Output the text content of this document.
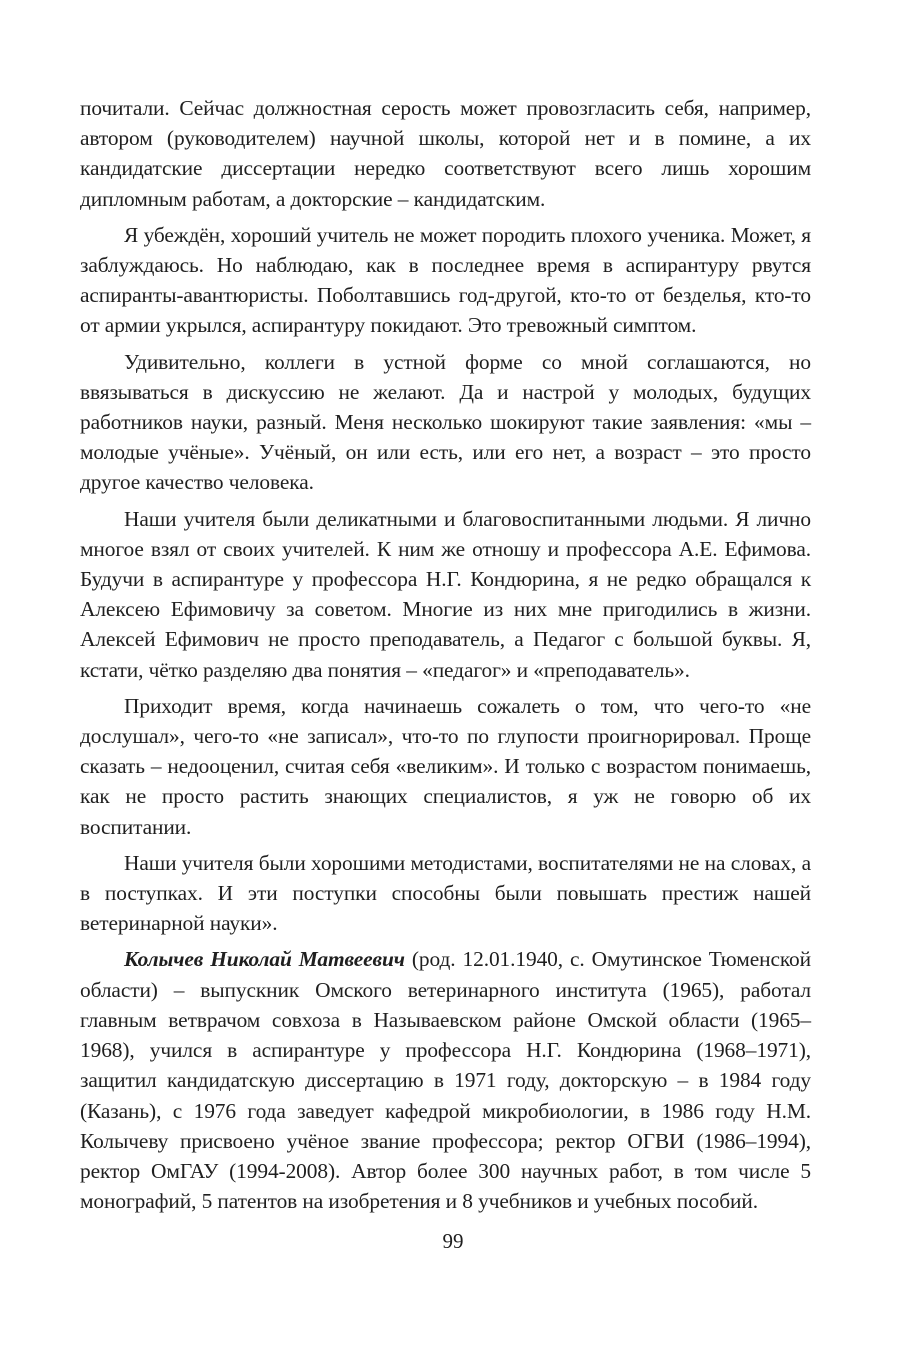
почитали. Сейчас должностная серость может провозгласить себя, например, автором (руководителем) научной школы, которой нет и в помине, а их кандидатские диссертации нередко соответствуют всего лишь хорошим дипломным работам, а докторские – кандидатским.

Я убеждён, хороший учитель не может породить плохого ученика. Может, я заблуждаюсь. Но наблюдаю, как в последнее время в аспирантуру рвутся аспиранты-авантюристы. Поболтавшись год-другой, кто-то от безделья, кто-то от армии укрылся, аспирантуру покидают. Это тревожный симптом.

Удивительно, коллеги в устной форме со мной соглашаются, но ввязываться в дискуссию не желают. Да и настрой у молодых, будущих работников науки, разный. Меня несколько шокируют такие заявления: «мы – молодые учёные». Учёный, он или есть, или его нет, а возраст – это просто другое качество человека.

Наши учителя были деликатными и благовоспитанными людьми. Я лично многое взял от своих учителей. К ним же отношу и профессора А.Е. Ефимова. Будучи в аспирантуре у профессора Н.Г. Кондюрина, я не редко обращался к Алексею Ефимовичу за советом. Многие из них мне пригодились в жизни. Алексей Ефимович не просто преподаватель, а Педагог с большой буквы. Я, кстати, чётко разделяю два понятия – «педагог» и «преподаватель».

Приходит время, когда начинаешь сожалеть о том, что чего-то «не дослушал», чего-то «не записал», что-то по глупости проигнорировал. Проще сказать – недооценил, считая себя «великим». И только с возрастом понимаешь, как не просто растить знающих специалистов, я уж не говорю об их воспитании.

Наши учителя были хорошими методистами, воспитателями не на словах, а в поступках. И эти поступки способны были повышать престиж нашей ветеринарной науки».

Колычев Николай Матвеевич (род. 12.01.1940, с. Омутинское Тюменской области) – выпускник Омского ветеринарного института (1965), работал главным ветврачом совхоза в Называевском районе Омской области (1965–1968), учился в аспирантуре у профессора Н.Г. Кондюрина (1968–1971), защитил кандидатскую диссертацию в 1971 году, докторскую – в 1984 году (Казань), с 1976 года заведует кафедрой микробиологии, в 1986 году Н.М. Колычеву присвоено учёное звание профессора; ректор ОГВИ (1986–1994), ректор ОмГАУ (1994-2008). Автор более 300 научных работ, в том числе 5 монографий, 5 патентов на изобретения и 8 учебников и учебных пособий.

99
